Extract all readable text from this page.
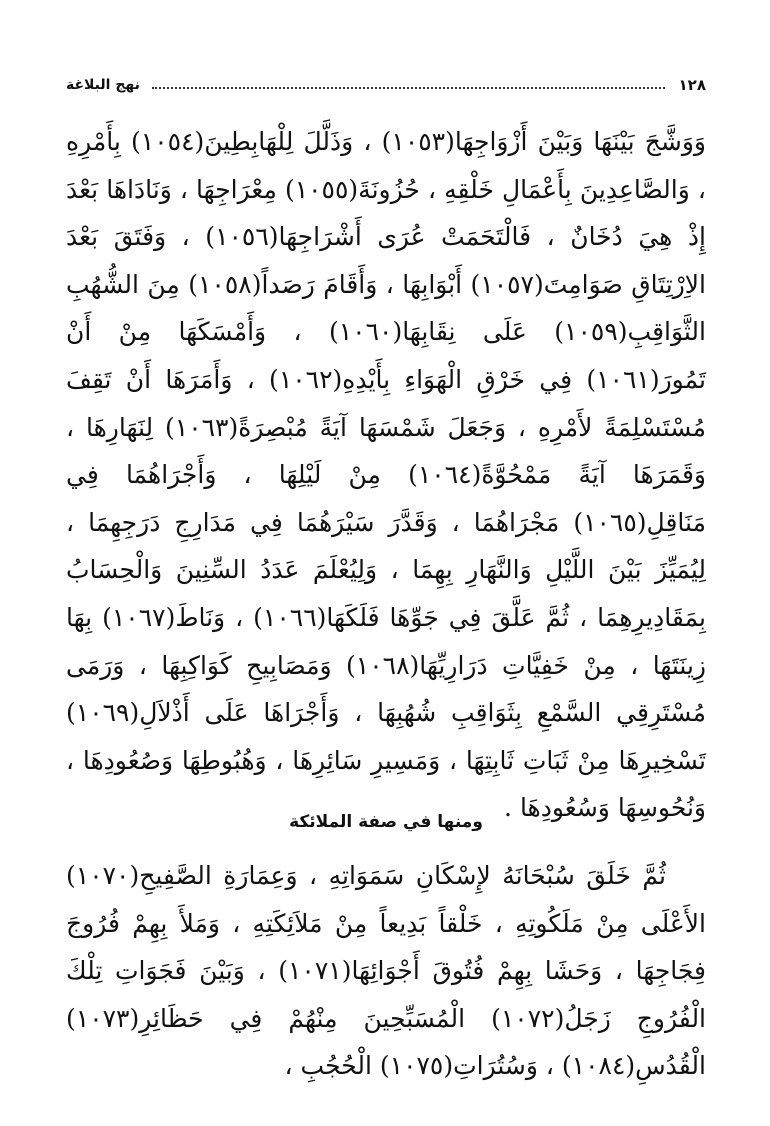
١٢٨
نهج البلاغة
وَوَشَّجَ بَيْنَهَا وَبَيْنَ أَزْوَاجِهَا(١٠٥٣) ، وَذَلَّلَ لِلْهَابِطِينَ(١٠٥٤) بِأَمْرِهِ ، وَالصَّاعِدِينَ بِأَعْمَالِ خَلْقِهِ ، حُزُونَةَ(١٠٥٥) مِعْرَاجِهَا ، وَنَادَاهَا بَعْدَ إِذْ هِيَ دُخَانٌ ، فَالْتَحَمَتْ عُرَى أَشْرَاجِهَا(١٠٥٦) ، وَفَتَقَ بَعْدَ الاِرْتِتَاقِ صَوَامِتَ(١٠٥٧) أَبْوَابِهَا ، وَأَقَامَ رَصَداً(١٠٥٨) مِنَ الشُّهُبِ الثَّوَاقِبِ(١٠٥٩) عَلَى نِقَابِهَا(١٠٦٠) ، وَأَمْسَكَهَا مِنْ أَنْ تَمُورَ(١٠٦١) فِي خَرْقِ الْهَوَاءِ بِأَيْدِهِ(١٠٦٢) ، وَأَمَرَهَا أَنْ تَقِفَ مُسْتَسْلِمَةً لأَمْرِهِ ، وَجَعَلَ شَمْسَهَا آيَةً مُبْصِرَةً(١٠٦٣) لِنَهَارِهَا ، وَقَمَرَهَا آيَةً مَمْحُوَّةً(١٠٦٤) مِنْ لَيْلِهَا ، وَأَجْرَاهُمَا فِي مَنَاقِلِ(١٠٦٥) مَجْرَاهُمَا ، وَقَدَّرَ سَيْرَهُمَا فِي مَدَارِجِ دَرَجِهِمَا ، لِيُمَيِّزَ بَيْنَ اللَّيْلِ وَالنَّهَارِ بِهِمَا ، وَلِيُعْلَمَ عَدَدُ السِّنِينَ وَالْحِسَابُ بِمَقَادِيرِهِمَا ، ثُمَّ عَلَّقَ فِي جَوِّهَا فَلَكَهَا(١٠٦٦) ، وَنَاطَ(١٠٦٧) بِهَا زِينَتَهَا ، مِنْ خَفِيَّاتِ دَرَارِيِّهَا(١٠٦٨) وَمَصَابِيحِ كَوَاكِبِهَا ، وَرَمَى مُسْتَرِقِي السَّمْعِ بِثَوَاقِبِ شُهُبِهَا ، وَأَجْرَاهَا عَلَى أَذْلاَلِ(١٠٦٩) تَسْخِيرِهَا مِنْ ثَبَاتِ ثَابِتِهَا ، وَمَسِيرِ سَائِرِهَا ، وَهُبُوطِهَا وَصُعُودِهَا ، وَنُحُوسِهَا وَسُعُودِهَا .
ومنها في صفة الملائكة
ثُمَّ خَلَقَ سُبْحَانَهُ لإِسْكَانِ سَمَوَاتِهِ ، وَعِمَارَةِ الصَّفِيحِ(١٠٧٠) الأَعْلَى مِنْ مَلَكُوتِهِ ، خَلْقاً بَدِيعاً مِنْ مَلاَئِكَتِهِ ، وَمَلأَ بِهِمْ فُرُوجَ فِجَاجِهَا ، وَحَشَا بِهِمْ فُتُوقَ أَجْوَائِهَا(١٠٧١) ، وَبَيْنَ فَجَوَاتِ تِلْكَ الْفُرُوجِ زَجَلُ(١٠٧٢) الْمُسَبِّحِينَ مِنْهُمْ فِي حَظَائِرِ(١٠٧٣) الْقُدُسِ(١٠٨٤) ، وَسُتُرَاتِ(١٠٧٥) الْحُجُبِ ،
